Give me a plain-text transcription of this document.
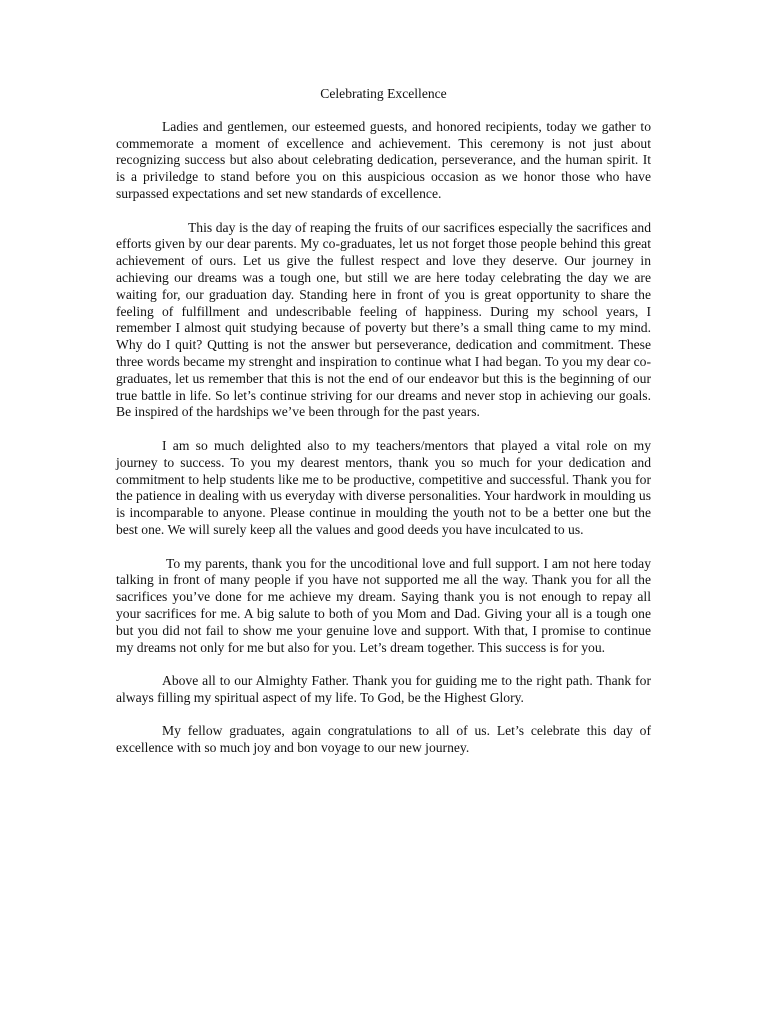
Celebrating Excellence

Ladies and gentlemen, our esteemed guests, and honored recipients, today we gather to commemorate a moment of excellence and achievement. This ceremony is not just about recognizing success but also about celebrating dedication, perseverance, and the human spirit. It is a priviledge to stand before you on this auspicious occasion as we honor those who have surpassed expectations and set new standards of excellence.

This day is the day of reaping the fruits of our sacrifices especially the sacrifices and efforts given by our dear parents. My co-graduates, let us not forget those people behind this great achievement of ours. Let us give the fullest respect and love they deserve. Our journey in achieving our dreams was a tough one, but still we are here today celebrating the day we are waiting for, our graduation day. Standing here in front of you is great opportunity to share the feeling of fulfillment and undescribable feeling of happiness. During my school years, I remember I almost quit studying because of poverty but there’s a small thing came to my mind. Why do I quit? Qutting is not the answer but perseverance, dedication and commitment. These three words became my strenght and inspiration to continue what I had began. To you my dear co-graduates, let us remember that this is not the end of our endeavor but this is the beginning of our true battle in life. So let’s continue striving for our dreams and never stop in achieving our goals. Be inspired of the hardships we’ve been through for the past years.

I am so much delighted also to my teachers/mentors that played a vital role on my journey to success. To you my dearest mentors, thank you so much for your dedication and commitment to help students like me to be productive, competitive and successful. Thank you for the patience in dealing with us everyday with diverse personalities. Your hardwork in moulding us is incomparable to anyone. Please continue in moulding the youth not to be a better one but the best one. We will surely keep all the values and good deeds you have inculcated to us.

To my parents, thank you for the uncoditional love and full support. I am not here today talking in front of many people if you have not supported me all the way. Thank you for all the sacrifices you’ve done for me achieve my dream. Saying thank you is not enough to repay all your sacrifices for me. A big salute to both of you Mom and Dad. Giving your all is a tough one but you did not fail to show me your genuine love and support. With that, I promise to continue my dreams not only for me but also for you. Let’s dream together. This success is for you.

Above all to our Almighty Father. Thank you for guiding me to the right path. Thank for always filling my spiritual aspect of my life. To God, be the Highest Glory.

My fellow graduates, again congratulations to all of us. Let’s celebrate this day of excellence with so much joy and bon voyage to our new journey.
